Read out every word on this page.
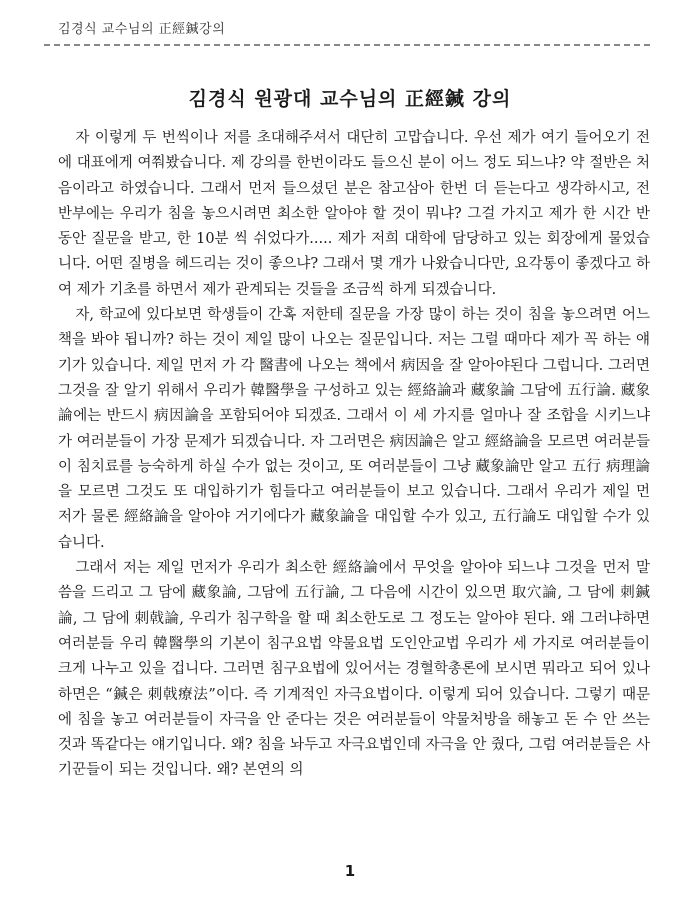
김경식 교수님의 正經鍼강의
김경식 원광대 교수님의 正經鍼 강의

자 이렇게 두 번씩이나 저를 초대해주셔서 대단히 고맙습니다. 우선 제가 여기 들어오기 전에 대표에게 여쭤봤습니다. 제 강의를 한번이라도 들으신 분이 어느 정도 되느냐? 약 절반은 처음이라고 하였습니다. 그래서 먼저 들으셨던 분은 참고삼아 한번 더 듣는다고 생각하시고, 전반부에는 우리가 침을 놓으시려면 최소한 알아야 할 것이 뭐냐? 그걸 가지고 제가 한 시간 반 동안 질문을 받고, 한 10분 씩 쉬었다가..... 제가 저희 대학에 담당하고 있는 회장에게 물었습니다. 어떤 질병을 헤드리는 것이 좋으냐? 그래서 몇 개가 나왔습니다만, 요각통이 좋겠다고 하여 제가 기초를 하면서 제가 관계되는 것들을 조금씩 하게 되겠습니다.

자, 학교에 있다보면 학생들이 간혹 저한테 질문을 가장 많이 하는 것이 침을 놓으려면 어느 책을 봐야 됩니까? 하는 것이 제일 많이 나오는 질문입니다. 저는 그럴 때마다 제가 꼭 하는 얘기가 있습니다. 제일 먼저 가 각 醫書에 나오는 책에서 病因을 잘 알아야된다 그럽니다. 그러면 그것을 잘 알기 위해서 우리가 韓醫學을 구성하고 있는 經絡論과 藏象論 그담에 五行論. 藏象論에는 반드시 病因論을 포함되어야 되겠죠. 그래서 이 세 가지를 얼마나 잘 조합을 시키느냐가 여러분들이 가장 문제가 되겠습니다. 자 그러면은 病因論은 알고 經絡論을 모르면 여러분들이 침치료를 능숙하게 하실 수가 없는 것이고, 또 여러분들이 그냥 藏象論만 알고 五行 病理論을 모르면 그것도 또 대입하기가 힘들다고 여러분들이 보고 있습니다. 그래서 우리가 제일 먼저가 물론 經絡論을 알아야 거기에다가 藏象論을 대입할 수가 있고, 五行論도 대입할 수가 있습니다.

그래서 저는 제일 먼저가 우리가 최소한 經絡論에서 무엇을 알아야 되느냐 그것을 먼저 말씀을 드리고 그 담에 藏象論, 그담에 五行論, 그 다음에 시간이 있으면 取穴論, 그 담에 刺鍼論, 그 담에 刺戟論, 우리가 침구학을 할 때 최소한도로 그 정도는 알아야 된다. 왜 그러냐하면 여러분들 우리 韓醫學의 기본이 침구요법 약물요법 도인안교법 우리가 세 가지로 여러분들이 크게 나누고 있을 겁니다. 그러면 침구요법에 있어서는 경혈학총론에 보시면 뭐라고 되어 있나 하면은 “鍼은 刺戟療法”이다. 즉 기계적인 자극요법이다. 이렇게 되어 있습니다. 그렇기 때문에 침을 놓고 여러분들이 자극을 안 준다는 것은 여러분들이 약물처방을 해놓고 돈 수 안 쓰는 것과 똑같다는 얘기입니다. 왜? 침을 놔두고 자극요법인데 자극을 안 줬다, 그럼 여러분들은 사기꾼들이 되는 것입니다. 왜? 본연의 의

1
